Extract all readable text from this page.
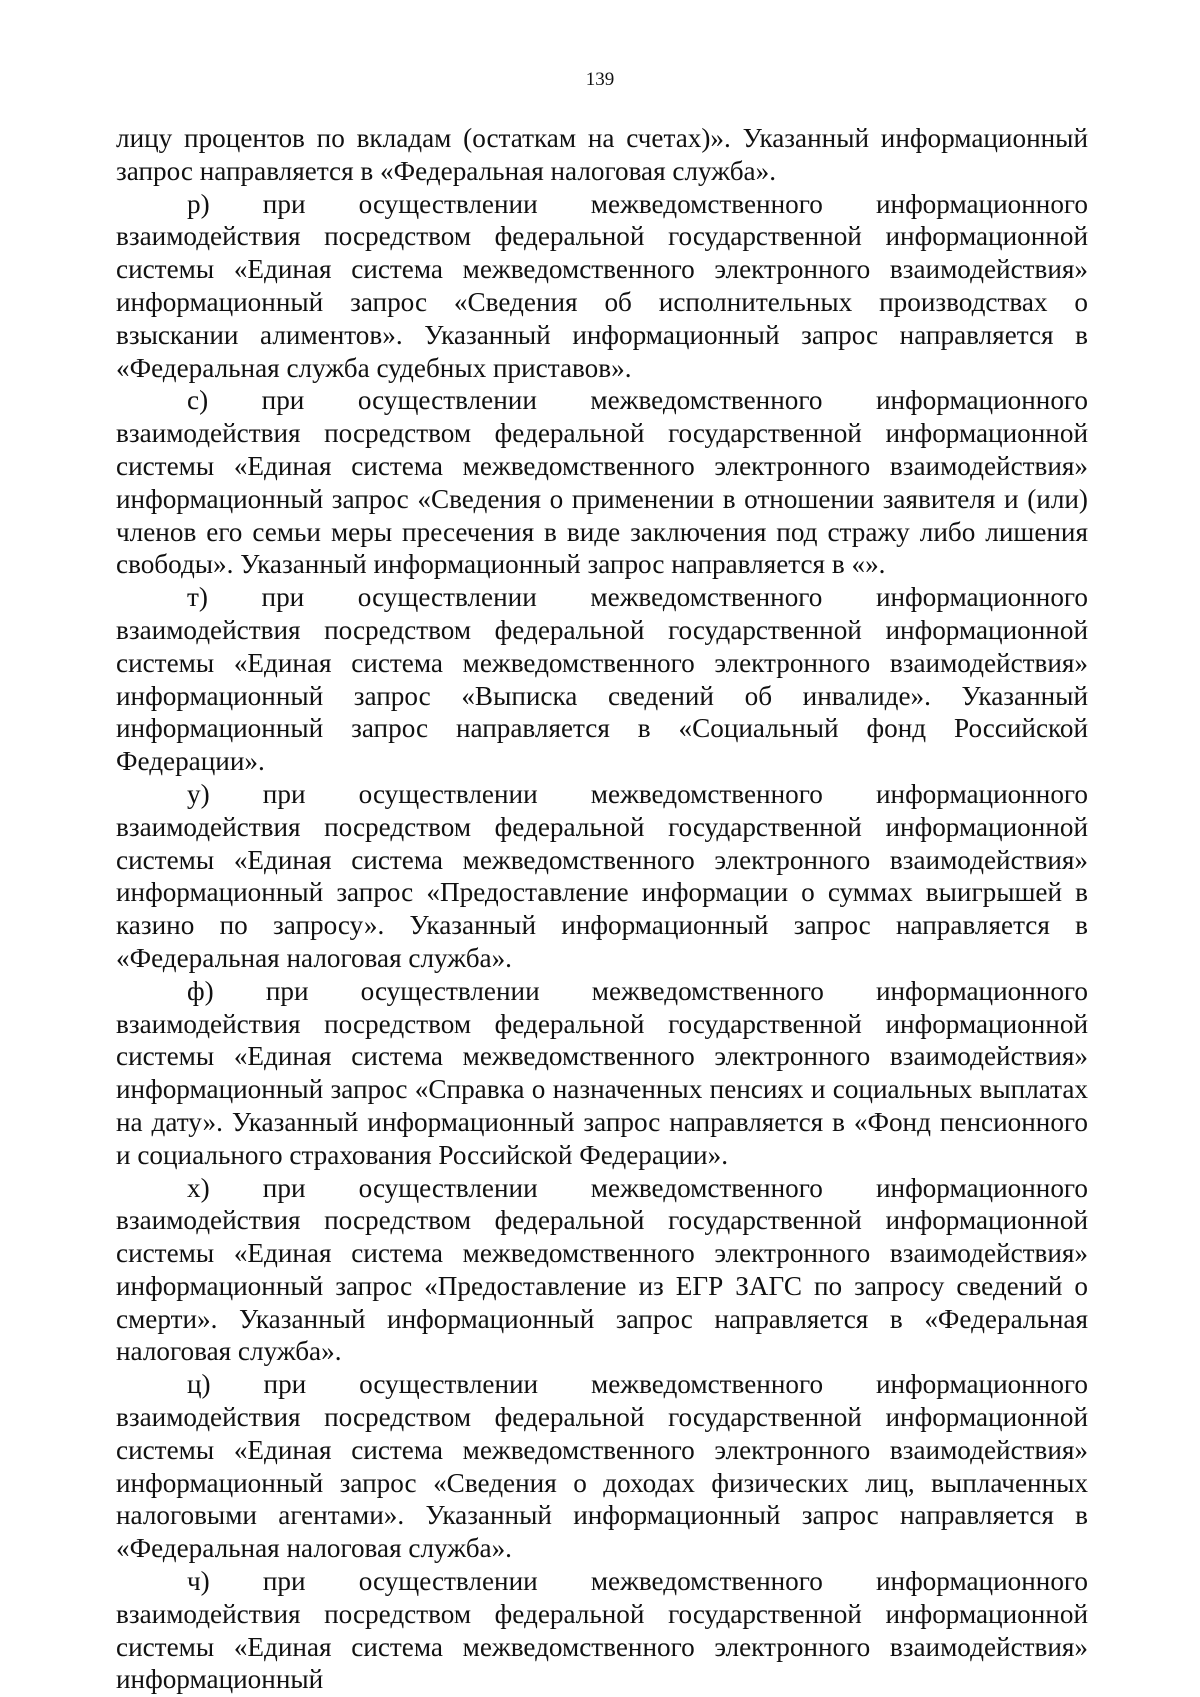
139

лицу процентов по вкладам (остаткам на счетах)». Указанный информационный запрос направляется в «Федеральная налоговая служба».

р) при осуществлении межведомственного информационного взаимодействия посредством федеральной государственной информационной системы «Единая система межведомственного электронного взаимодействия» информационный запрос «Сведения об исполнительных производствах о взыскании алиментов». Указанный информационный запрос направляется в «Федеральная служба судебных приставов».

с) при осуществлении межведомственного информационного взаимодействия посредством федеральной государственной информационной системы «Единая система межведомственного электронного взаимодействия» информационный запрос «Сведения о применении в отношении заявителя и (или) членов его семьи меры пресечения в виде заключения под стражу либо лишения свободы». Указанный информационный запрос направляется в «».

т) при осуществлении межведомственного информационного взаимодействия посредством федеральной государственной информационной системы «Единая система межведомственного электронного взаимодействия» информационный запрос «Выписка сведений об инвалиде». Указанный информационный запрос направляется в «Социальный фонд Российской Федерации».

у) при осуществлении межведомственного информационного взаимодействия посредством федеральной государственной информационной системы «Единая система межведомственного электронного взаимодействия» информационный запрос «Предоставление информации о суммах выигрышей в казино по запросу». Указанный информационный запрос направляется в «Федеральная налоговая служба».

ф) при осуществлении межведомственного информационного взаимодействия посредством федеральной государственной информационной системы «Единая система межведомственного электронного взаимодействия» информационный запрос «Справка о назначенных пенсиях и социальных выплатах на дату». Указанный информационный запрос направляется в «Фонд пенсионного и социального страхования Российской Федерации».

х) при осуществлении межведомственного информационного взаимодействия посредством федеральной государственной информационной системы «Единая система межведомственного электронного взаимодействия» информационный запрос «Предоставление из ЕГР ЗАГС по запросу сведений о смерти». Указанный информационный запрос направляется в «Федеральная налоговая служба».

ц) при осуществлении межведомственного информационного взаимодействия посредством федеральной государственной информационной системы «Единая система межведомственного электронного взаимодействия» информационный запрос «Сведения о доходах физических лиц, выплаченных налоговыми агентами». Указанный информационный запрос направляется в «Федеральная налоговая служба».

ч) при осуществлении межведомственного информационного взаимодействия посредством федеральной государственной информационной системы «Единая система межведомственного электронного взаимодействия» информационный
